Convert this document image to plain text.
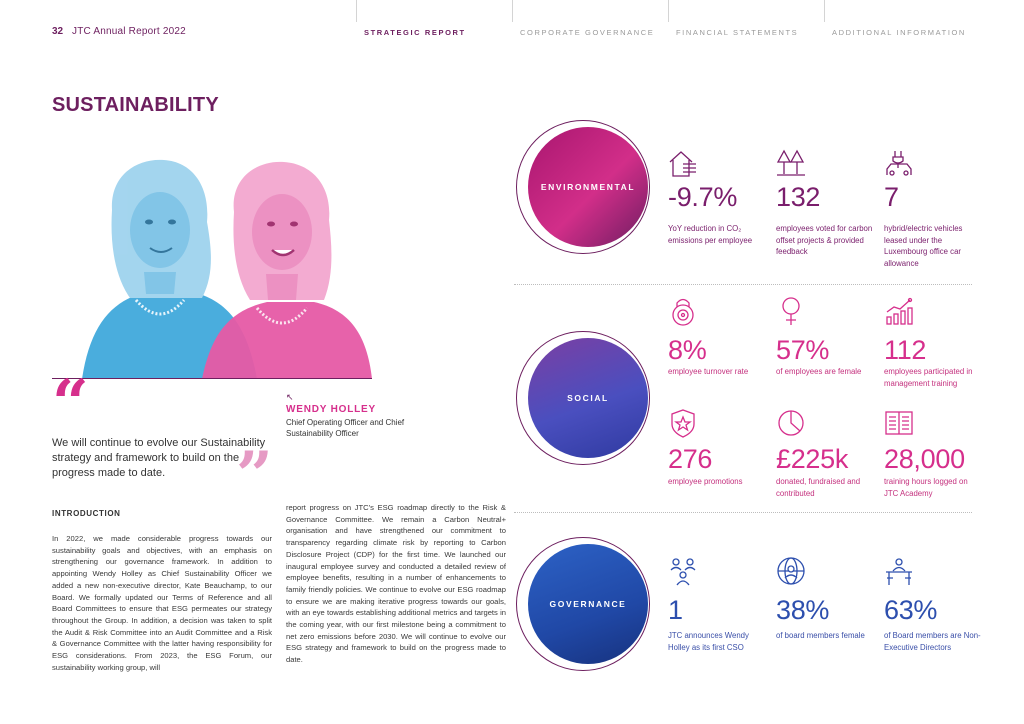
32 JTC Annual Report 2022	STRATEGIC REPORT	CORPORATE GOVERNANCE	FINANCIAL STATEMENTS	ADDITIONAL INFORMATION
SUSTAINABILITY
“
We will continue to evolve our Sustainability strategy and framework to build on the progress made to date.	”
↖
WENDY HOLLEY
Chief Operating Officer and Chief Sustainability Officer
INTRODUCTION
In 2022, we made considerable progress towards our sustainability goals and objectives, with an emphasis on strengthening our governance framework. In addition to appointing Wendy Holley as Chief Sustainability Officer we added a new non-executive director, Kate Beauchamp, to our Board. We formally updated our Terms of Reference and all Board Committees to ensure that ESG permeates our strategy throughout the Group. In addition, a decision was taken to split the Audit & Risk Committee into an Audit Committee and a Risk & Governance Committee with the latter having responsibility for ESG considerations. From 2023, the ESG Forum, our sustainability working group, will
report progress on JTC’s ESG roadmap directly to the Risk & Governance Committee. We remain a Carbon Neutral+ organisation and have strengthened our commitment to transparency regarding climate risk by reporting to Carbon Disclosure Project (CDP) for the first time. We launched our inaugural employee survey and conducted a detailed review of employee benefits, resulting in a number of enhancements to family friendly policies. We continue to evolve our ESG roadmap to ensure we are making iterative progress towards our goals, with an eye towards establishing additional metrics and targets in the coming year, with our first milestone being a commitment to net zero emissions before 2030. We will continue to evolve our ESG strategy and framework to build on the progress made to date.
ENVIRONMENTAL	-9.7%
YoY reduction in CO₂ emissions per employee
132
employees voted for carbon offset projects & provided feedback
7
hybrid/electric vehicles leased under the Luxembourg office car allowance
SOCIAL
8%
employee turnover rate
57%
of employees are female
112
employees participated in management training
276
employee promotions
£225k
donated, fundraised and contributed
28,000
training hours logged on JTC Academy
GOVERNANCE	1
JTC announces Wendy Holley as its first CSO
38%
of board members female
63%
of Board members are Non-Executive Directors
